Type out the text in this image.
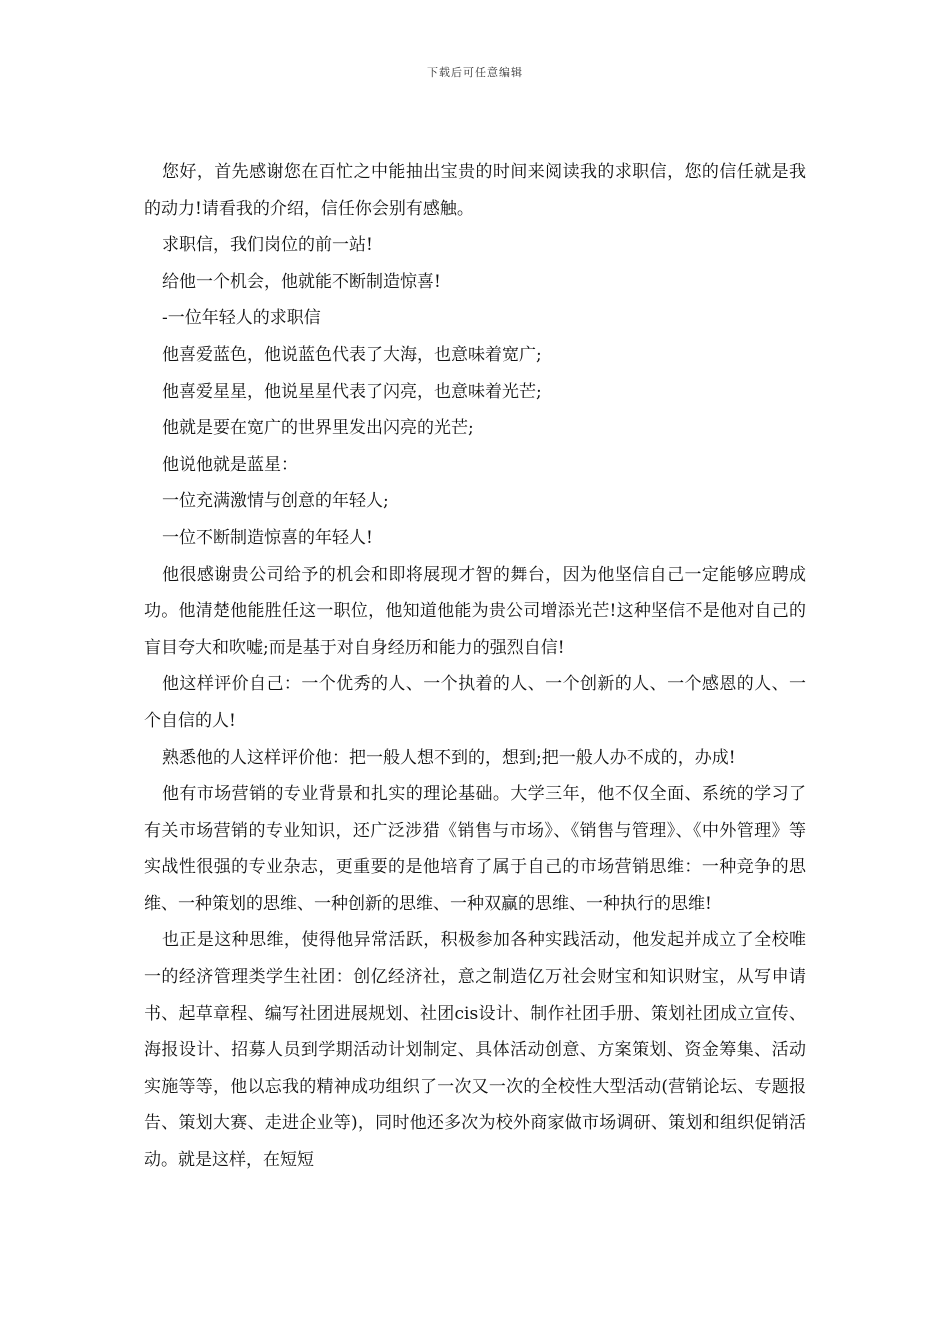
下载后可任意编辑

您好，首先感谢您在百忙之中能抽出宝贵的时间来阅读我的求职信，您的信任就是我的动力!请看我的介绍，信任你会别有感触。

求职信，我们岗位的前一站!

给他一个机会，他就能不断制造惊喜!

-一位年轻人的求职信

他喜爱蓝色，他说蓝色代表了大海，也意味着宽广;

他喜爱星星，他说星星代表了闪亮，也意味着光芒;

他就是要在宽广的世界里发出闪亮的光芒;

他说他就是蓝星：

一位充满激情与创意的年轻人;

一位不断制造惊喜的年轻人!

他很感谢贵公司给予的机会和即将展现才智的舞台，因为他坚信自己一定能够应聘成功。他清楚他能胜任这一职位，他知道他能为贵公司增添光芒!这种坚信不是他对自己的盲目夸大和吹嘘;而是基于对自身经历和能力的强烈自信!

他这样评价自己：一个优秀的人、一个执着的人、一个创新的人、一个感恩的人、一个自信的人!

熟悉他的人这样评价他：把一般人想不到的，想到;把一般人办不成的，办成!

他有市场营销的专业背景和扎实的理论基础。大学三年，他不仅全面、系统的学习了有关市场营销的专业知识，还广泛涉猎《销售与市场》、《销售与管理》、《中外管理》等实战性很强的专业杂志，更重要的是他培育了属于自己的市场营销思维：一种竞争的思维、一种策划的思维、一种创新的思维、一种双赢的思维、一种执行的思维!

也正是这种思维，使得他异常活跃，积极参加各种实践活动，他发起并成立了全校唯一的经济管理类学生社团：创亿经济社，意之制造亿万社会财宝和知识财宝，从写申请书、起草章程、编写社团进展规划、社团cis设计、制作社团手册、策划社团成立宣传、海报设计、招募人员到学期活动计划制定、具体活动创意、方案策划、资金筹集、活动实施等等，他以忘我的精神成功组织了一次又一次的全校性大型活动(营销论坛、专题报告、策划大赛、走进企业等)，同时他还多次为校外商家做市场调研、策划和组织促销活动。就是这样，在短短
